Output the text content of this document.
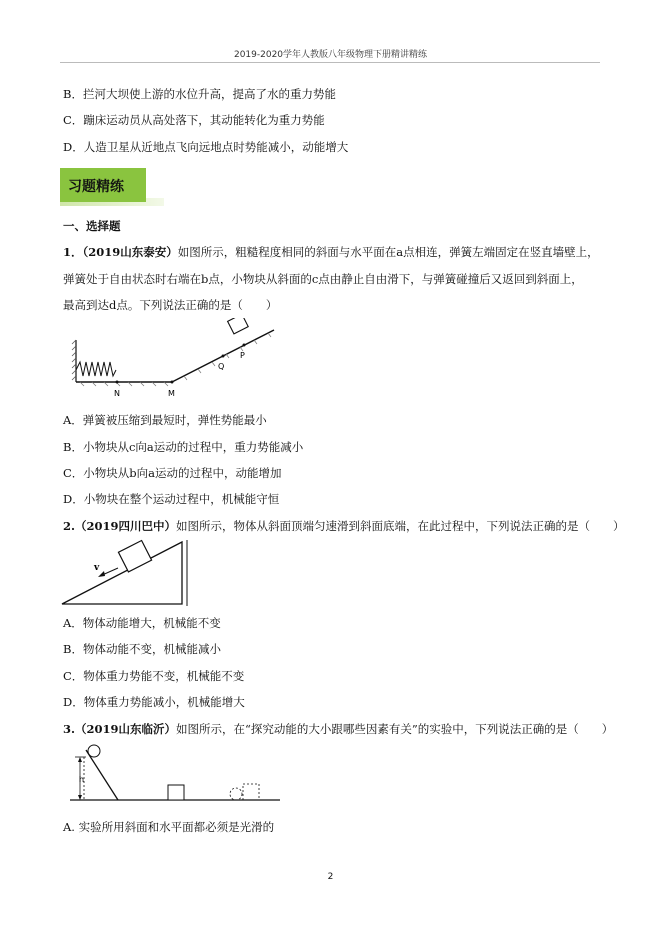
2019-2020学年人教版八年级物理下册精讲精练
B．拦河大坝使上游的水位升高，提高了水的重力势能
C．蹦床运动员从高处落下，其动能转化为重力势能
D．人造卫星从近地点飞向远地点时势能减小，动能增大
习题精练
一、选择题
1．（2019山东泰安）如图所示，粗糙程度相同的斜面与水平面在a点相连，弹簧左端固定在竖直墙壁上，
弹簧处于自由状态时右端在b点，小物块从斜面的c点由静止自由滑下，与弹簧碰撞后又返回到斜面上，
最高到达d点。下列说法正确的是（　　）
N	M
Q
P
A．弹簧被压缩到最短时，弹性势能最小
B．小物块从c向a运动的过程中，重力势能减小
C．小物块从b向a运动的过程中，动能增加
D．小物块在整个运动过程中，机械能守恒
2.（2019四川巴中）如图所示，物体从斜面顶端匀速滑到斜面底端，在此过程中，下列说法正确的是（　　）
v
A．物体动能增大，机械能不变
B．物体动能不变，机械能减小
C．物体重力势能不变，机械能不变
D．物体重力势能减小，机械能增大
3.（2019山东临沂）如图所示，在“探究动能的大小跟哪些因素有关”的实验中，下列说法正确的是（　　）
h
A. 实验所用斜面和水平面都必须是光滑的
2
